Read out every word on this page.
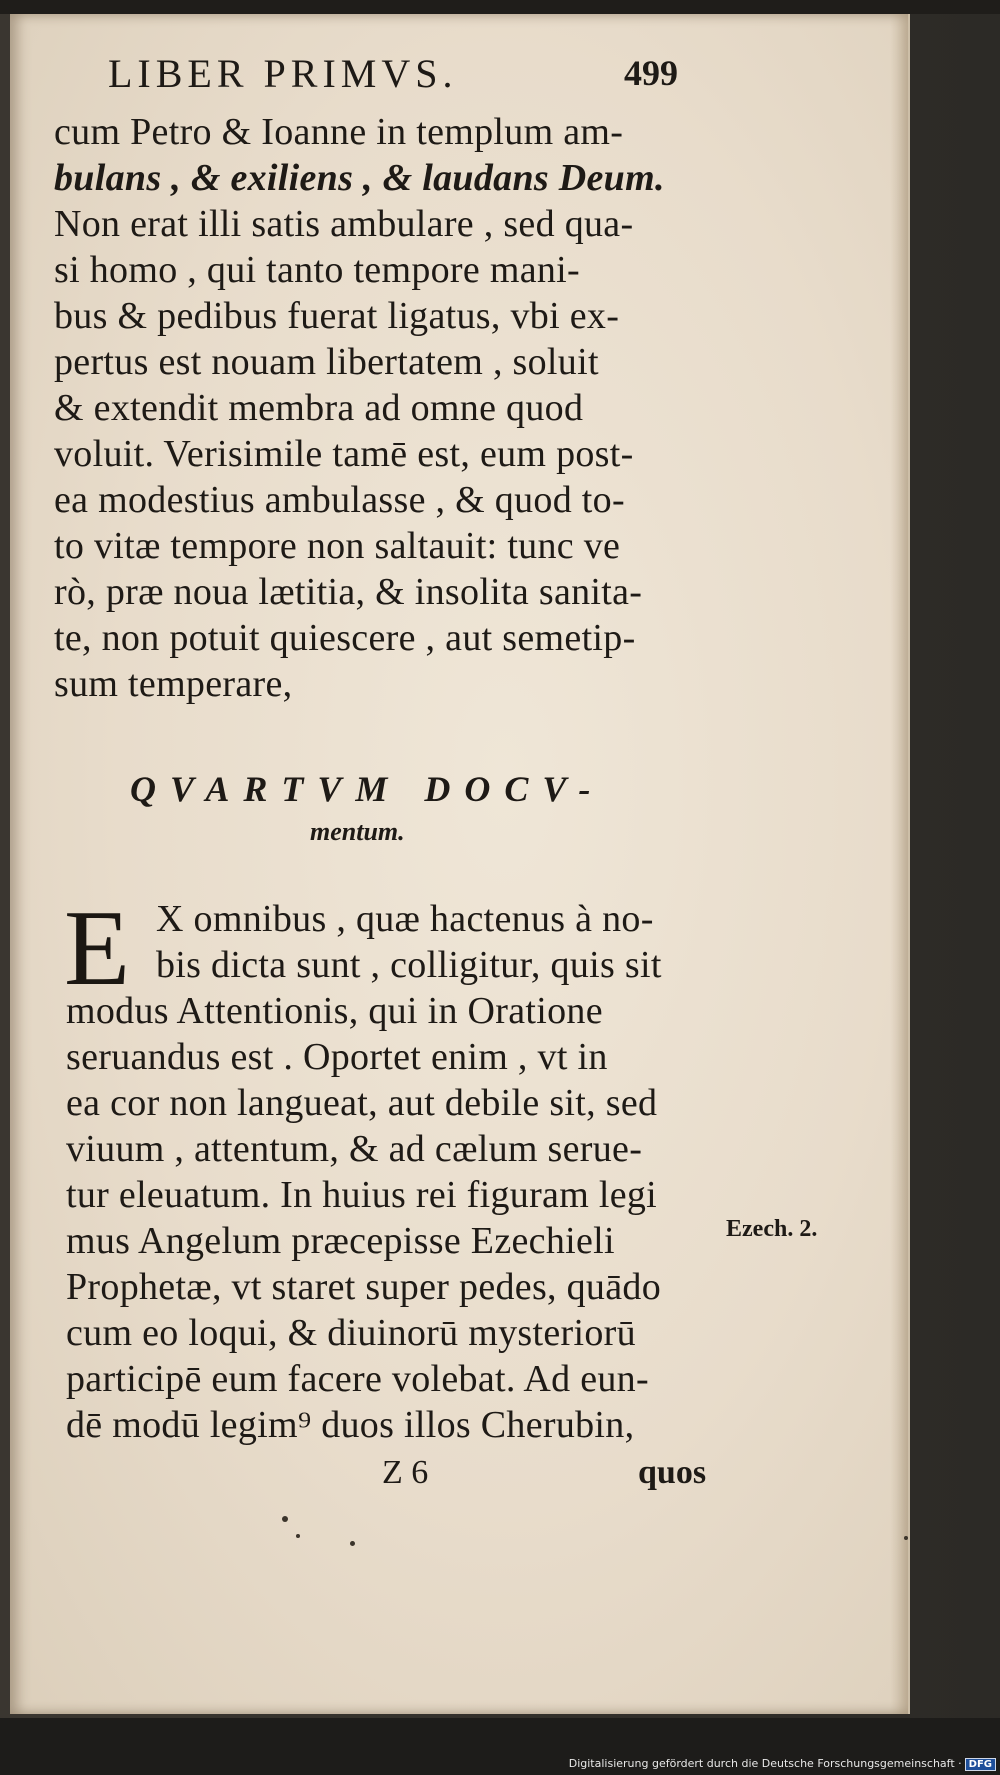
LIBER PRIMVS.	499
cum Petro & Ioanne in templum am-
bulans , & exiliens , & laudans Deum.
Non erat illi satis ambulare , sed qua-
si homo , qui tanto tempore mani-
bus & pedibus fuerat ligatus, vbi ex-
pertus est nouam libertatem , soluit
& extendit membra ad omne quod
voluit. Verisimile tamē est, eum post-
ea modestius ambulasse , & quod to-
to vitæ tempore non saltauit: tunc ve
rò, præ noua lætitia, & insolita sanita-
te, non potuit quiescere , aut semetip-
sum temperare,
QVARTVM DOCV-
mentum.
E X omnibus , quæ hactenus à no-
bis dicta sunt , colligitur, quis sit
modus Attentionis, qui in Oratione
seruandus est . Oportet enim , vt in
ea cor non langueat, aut debile sit, sed
viuum , attentum, & ad cælum serue-
tur eleuatum. In huius rei figuram legi
mus Angelum præcepisse Ezechieli
Prophetæ, vt staret super pedes, quādo
cum eo loqui, & diuinorū mysteriorū
participē eum facere volebat. Ad eun-
dē modū legim⁹ duos illos Cherubin,
Ezech. 2.
Z 6	quos
Digitalisierung gefördert durch die Deutsche Forschungsgemeinschaft · DFG
